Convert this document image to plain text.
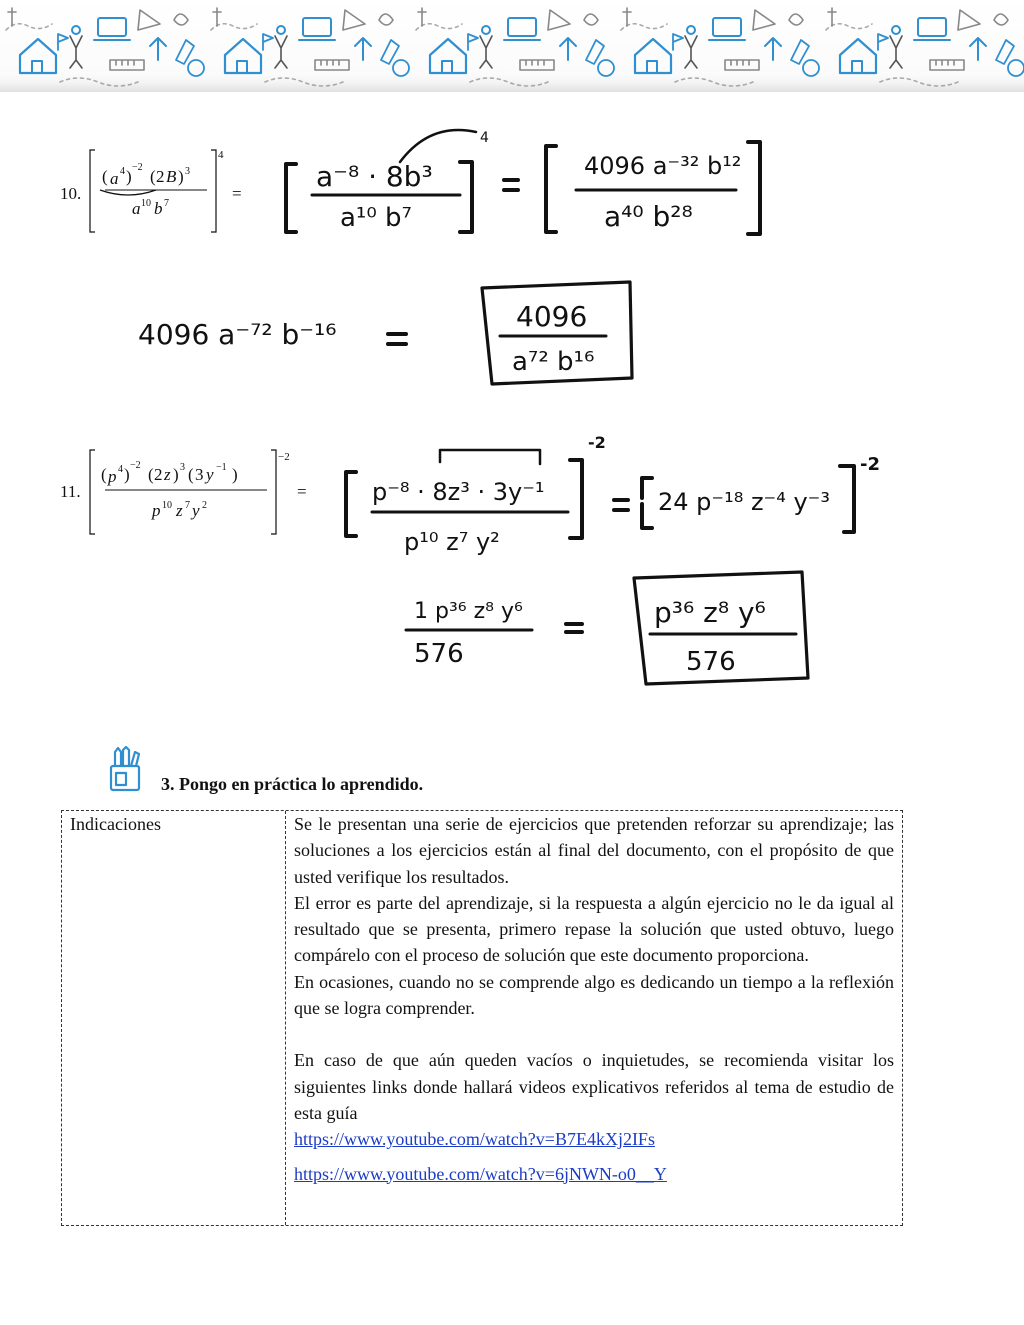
10.
4
( a 4 ) −2 ( 2 B ) 3
a 10 b 7
=
11.
−2
( p 4 ) −2 ( 2 z ) 3 ( 3 y −1 )
p 10 z 7 y 2
=
a⁻⁸ · 8b³
a¹⁰ b⁷
4
4096 a⁻³² b¹²
a⁴⁰ b²⁸
4096 a⁻⁷² b⁻¹⁶
4096
a⁷² b¹⁶
p⁻⁸ · 8z³ · 3y⁻¹
p¹⁰ z⁷ y²
-2
24 p⁻¹⁸ z⁻⁴ y⁻³
-2
1 p³⁶ z⁸ y⁶
576
p³⁶ z⁸ y⁶
576
3. Pongo en práctica lo aprendido.
Indicaciones	Se le presentan una serie de ejercicios que pretenden reforzar su aprendizaje; las soluciones a los ejercicios están al final del documento, con el propósito de que usted verifique los resultados.

El error es parte del aprendizaje, si la respuesta a algún ejercicio no le da igual al resultado que se presenta, primero repase la solución que usted obtuvo, luego compárelo con el proceso de solución que este documento proporciona.

En ocasiones, cuando no se comprende algo es dedicando un tiempo a la reflexión que se logra comprender.

En caso de que aún queden vacíos o inquietudes, se recomienda visitar los siguientes links donde hallará videos explicativos referidos al tema de estudio de esta guía

https://www.youtube.com/watch?v=B7E4kXj2IFs
https://www.youtube.com/watch?v=6jNWN-o0__Y
